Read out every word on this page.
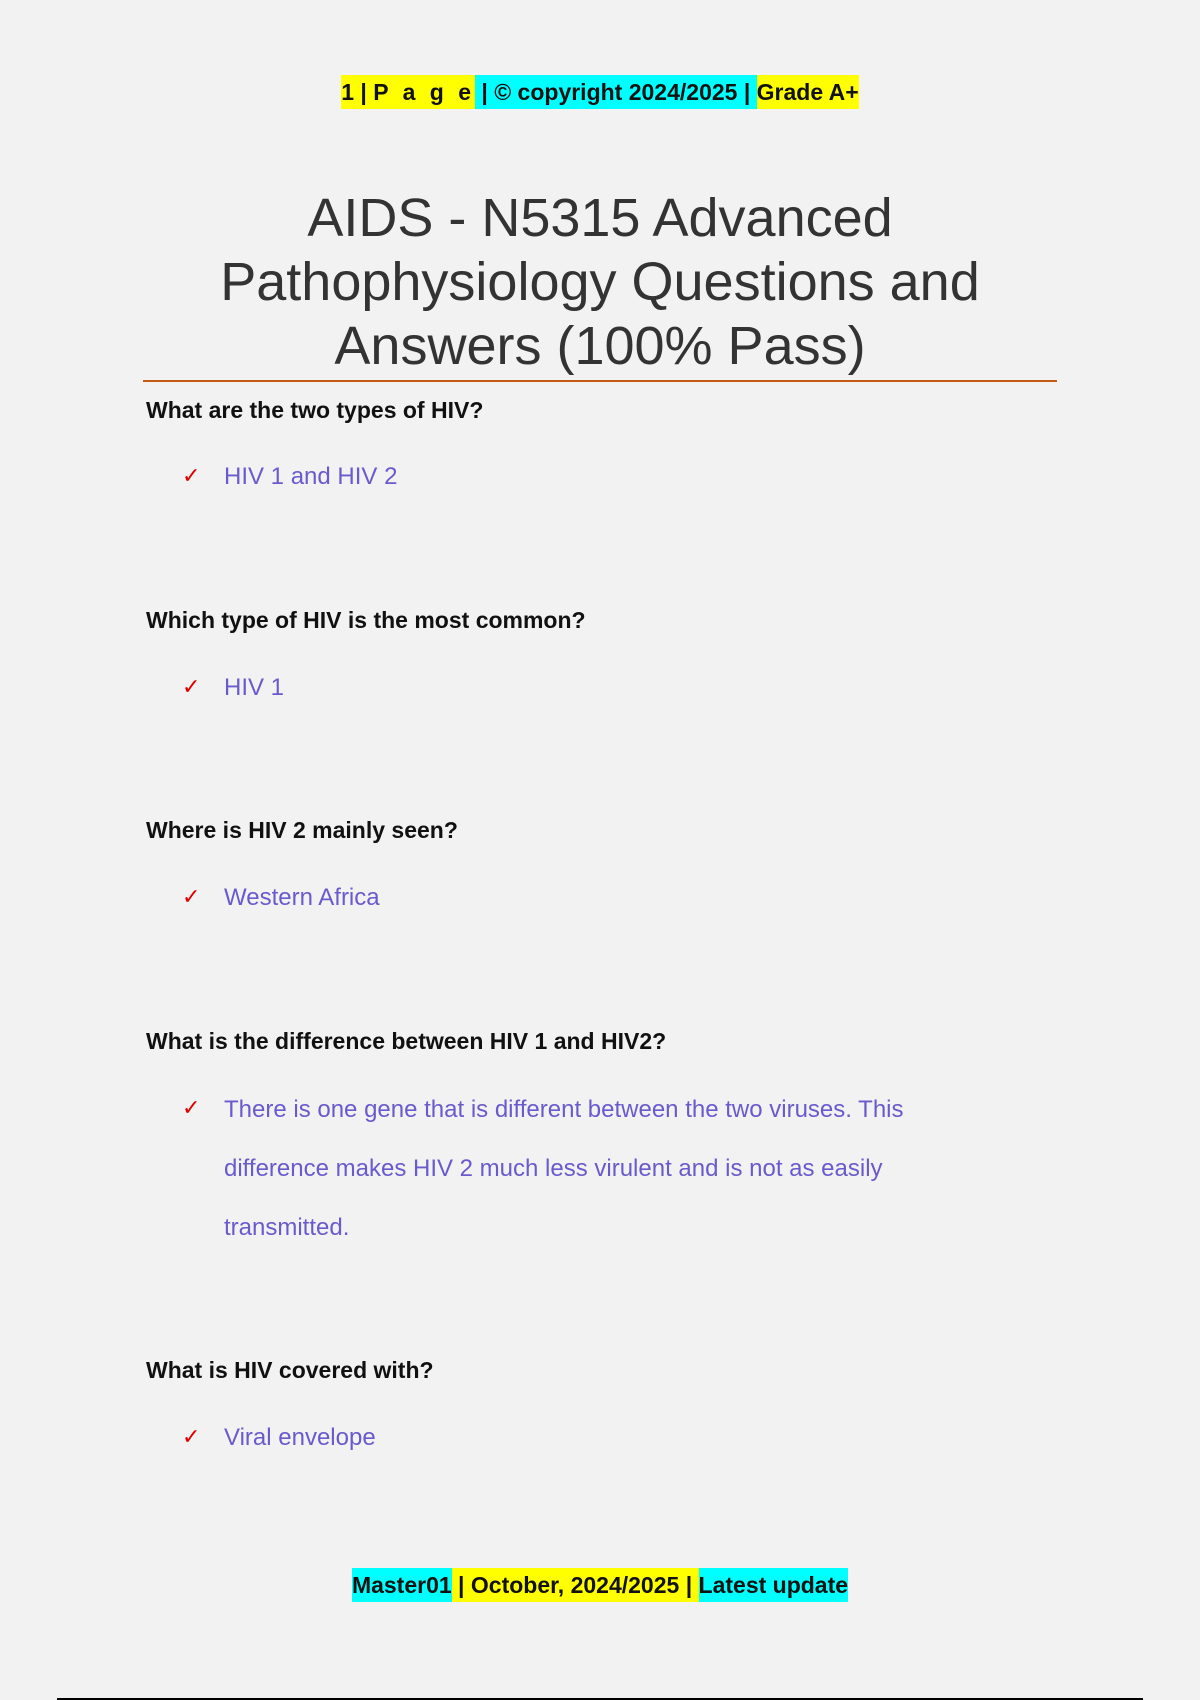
1 | P a g e | © copyright 2024/2025 | Grade A+
AIDS - N5315 Advanced
Pathophysiology Questions and
Answers (100% Pass)
What are the two types of HIV?
✓ HIV 1 and HIV 2
Which type of HIV is the most common?
✓ HIV 1
Where is HIV 2 mainly seen?
✓ Western Africa
What is the difference between HIV 1 and HIV2?
✓ There is one gene that is different between the two viruses. This difference makes HIV 2 much less virulent and is not as easily transmitted.
What is HIV covered with?
✓ Viral envelope
Master01 | October, 2024/2025 | Latest update
